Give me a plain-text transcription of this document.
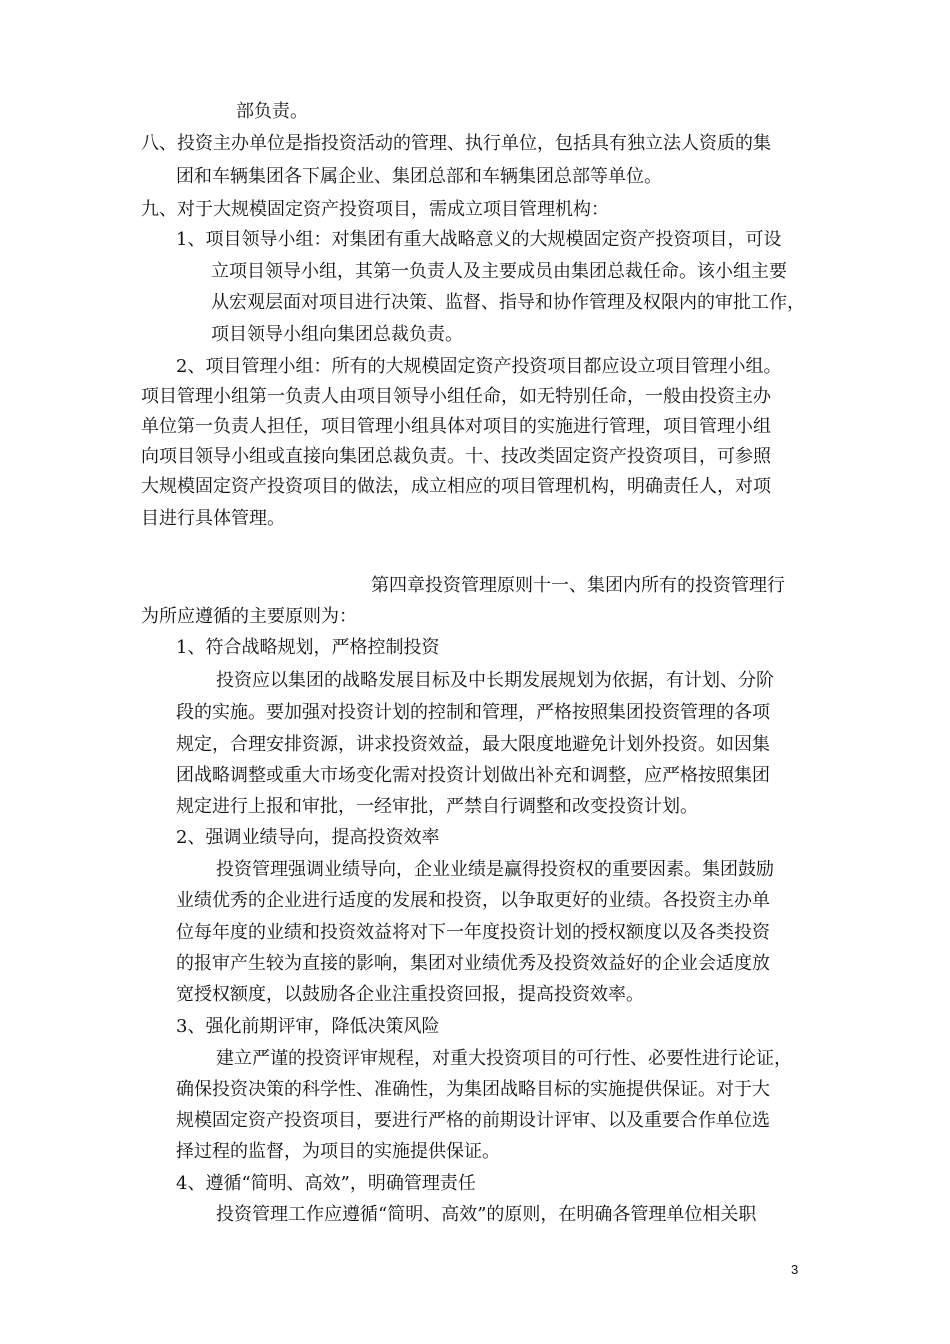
部负责。
八、投资主办单位是指投资活动的管理、执行单位，包括具有独立法人资质的集
团和车辆集团各下属企业、集团总部和车辆集团总部等单位。
九、对于大规模固定资产投资项目，需成立项目管理机构：
1、项目领导小组：对集团有重大战略意义的大规模固定资产投资项目，可设
立项目领导小组，其第一负责人及主要成员由集团总裁任命。该小组主要
从宏观层面对项目进行决策、监督、指导和协作管理及权限内的审批工作，
项目领导小组向集团总裁负责。
2、项目管理小组：所有的大规模固定资产投资项目都应设立项目管理小组。
项目管理小组第一负责人由项目领导小组任命，如无特别任命，一般由投资主办
单位第一负责人担任，项目管理小组具体对项目的实施进行管理，项目管理小组
向项目领导小组或直接向集团总裁负责。十、技改类固定资产投资项目，可参照
大规模固定资产投资项目的做法，成立相应的项目管理机构，明确责任人，对项
目进行具体管理。
第四章投资管理原则十一、集团内所有的投资管理行
为所应遵循的主要原则为：
1、符合战略规划，严格控制投资
投资应以集团的战略发展目标及中长期发展规划为依据，有计划、分阶
段的实施。要加强对投资计划的控制和管理，严格按照集团投资管理的各项
规定，合理安排资源，讲求投资效益，最大限度地避免计划外投资。如因集
团战略调整或重大市场变化需对投资计划做出补充和调整，应严格按照集团
规定进行上报和审批，一经审批，严禁自行调整和改变投资计划。
2、强调业绩导向，提高投资效率
投资管理强调业绩导向，企业业绩是赢得投资权的重要因素。集团鼓励
业绩优秀的企业进行适度的发展和投资，以争取更好的业绩。各投资主办单
位每年度的业绩和投资效益将对下一年度投资计划的授权额度以及各类投资
的报审产生较为直接的影响，集团对业绩优秀及投资效益好的企业会适度放
宽授权额度，以鼓励各企业注重投资回报，提高投资效率。
3、强化前期评审，降低决策风险
建立严谨的投资评审规程，对重大投资项目的可行性、必要性进行论证，
确保投资决策的科学性、准确性，为集团战略目标的实施提供保证。对于大
规模固定资产投资项目，要进行严格的前期设计评审、以及重要合作单位选
择过程的监督，为项目的实施提供保证。
4、遵循“简明、高效”，明确管理责任
投资管理工作应遵循“简明、高效”的原则，在明确各管理单位相关职
3
